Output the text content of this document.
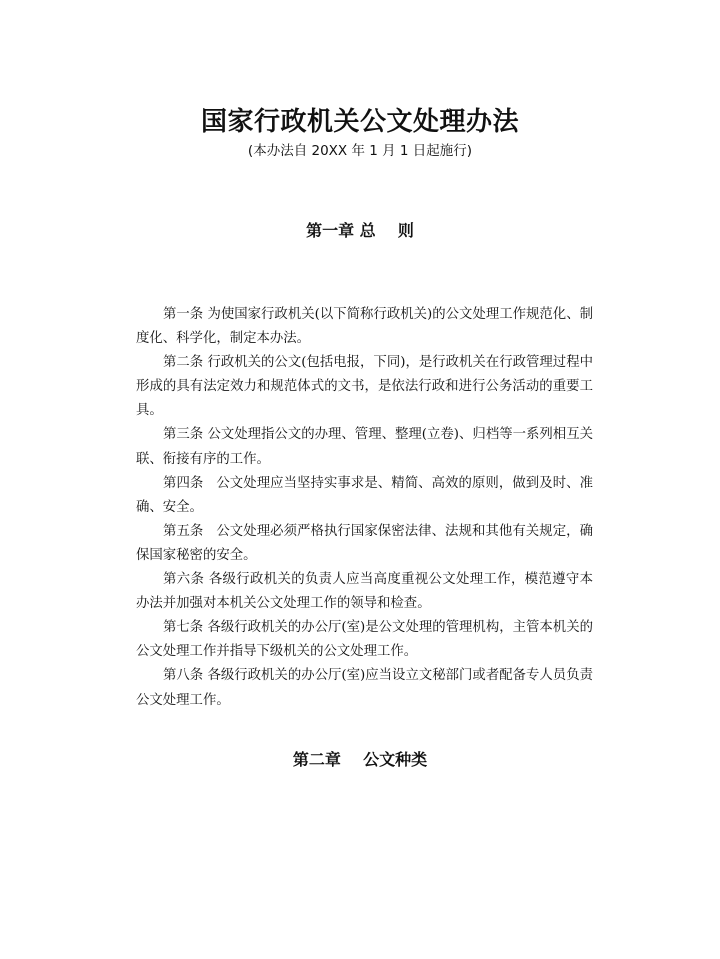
国家行政机关公文处理办法

(本办法自 20XX 年 1 月 1 日起施行)

第一章 总    则

第一条 为使国家行政机关(以下简称行政机关)的公文处理工作规范化、制度化、科学化，制定本办法。

第二条 行政机关的公文(包括电报，下同)，是行政机关在行政管理过程中形成的具有法定效力和规范体式的文书，是依法行政和进行公务活动的重要工具。

第三条 公文处理指公文的办理、管理、整理(立卷)、归档等一系列相互关联、衔接有序的工作。

第四条   公文处理应当坚持实事求是、精简、高效的原则，做到及时、准确、安全。

第五条   公文处理必须严格执行国家保密法律、法规和其他有关规定，确保国家秘密的安全。

第六条 各级行政机关的负责人应当高度重视公文处理工作，模范遵守本办法并加强对本机关公文处理工作的领导和检查。

第七条 各级行政机关的办公厅(室)是公文处理的管理机构，主管本机关的公文处理工作并指导下级机关的公文处理工作。

第八条 各级行政机关的办公厅(室)应当设立文秘部门或者配备专人员负责公文处理工作。

第二章    公文种类
